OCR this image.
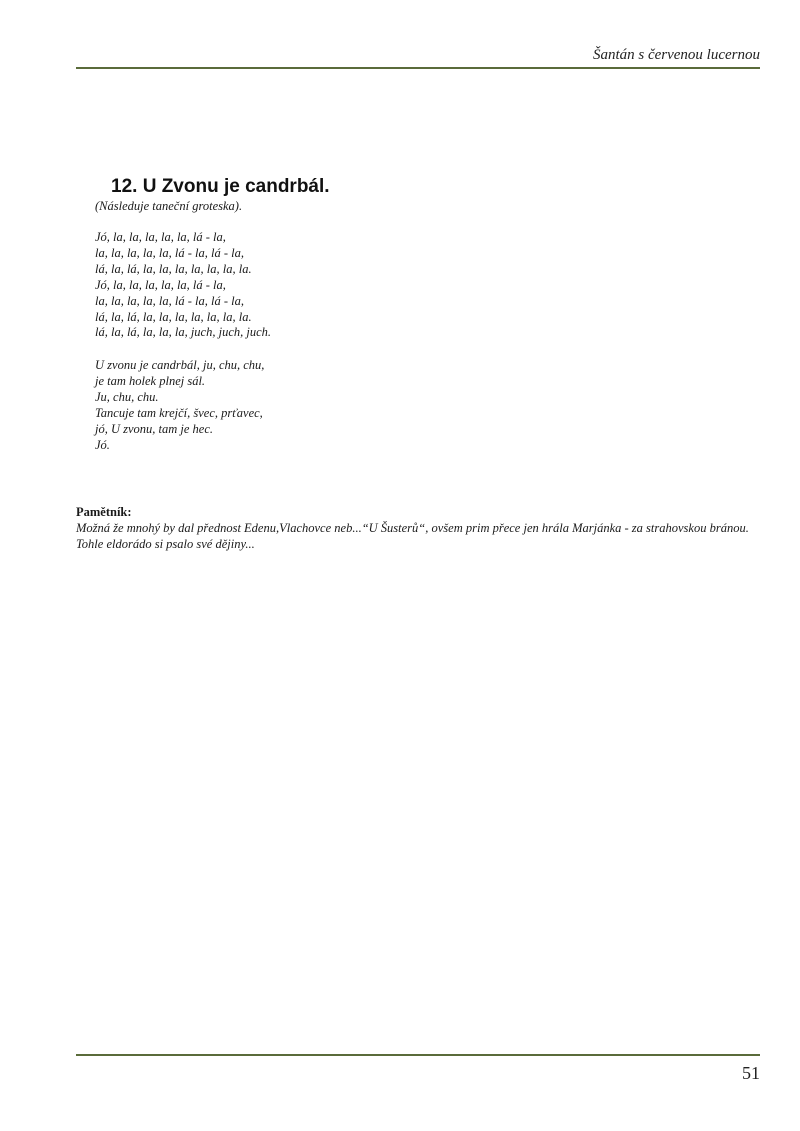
Šantán s červenou lucernou
12. U Zvonu je candrbál.
(Následuje taneční groteska).
Jó, la, la, la, la, la, lá - la,
la, la, la, la, la, lá - la, lá - la,
lá, la, lá, la, la, la, la, la, la, la.
Jó, la, la, la, la, la, lá - la,
la, la, la, la, la, lá - la, lá - la,
lá, la, lá, la, la, la, la, la, la, la.
lá, la, lá, la, la, la, juch, juch, juch.
U zvonu je candrbál, ju, chu, chu,
je tam holek plnej sál.
Ju, chu, chu.
Tancuje tam krejčí, švec, prťavec,
jó, U zvonu, tam je hec.
Jó.
Pamětník:
Možná že mnohý by dal přednost Edenu,Vlachovce neb...“U Šusterů“, ovšem prim přece jen hrála Marjánka - za strahovskou bránou.
Tohle eldorádo si psalo své dějiny...
51
